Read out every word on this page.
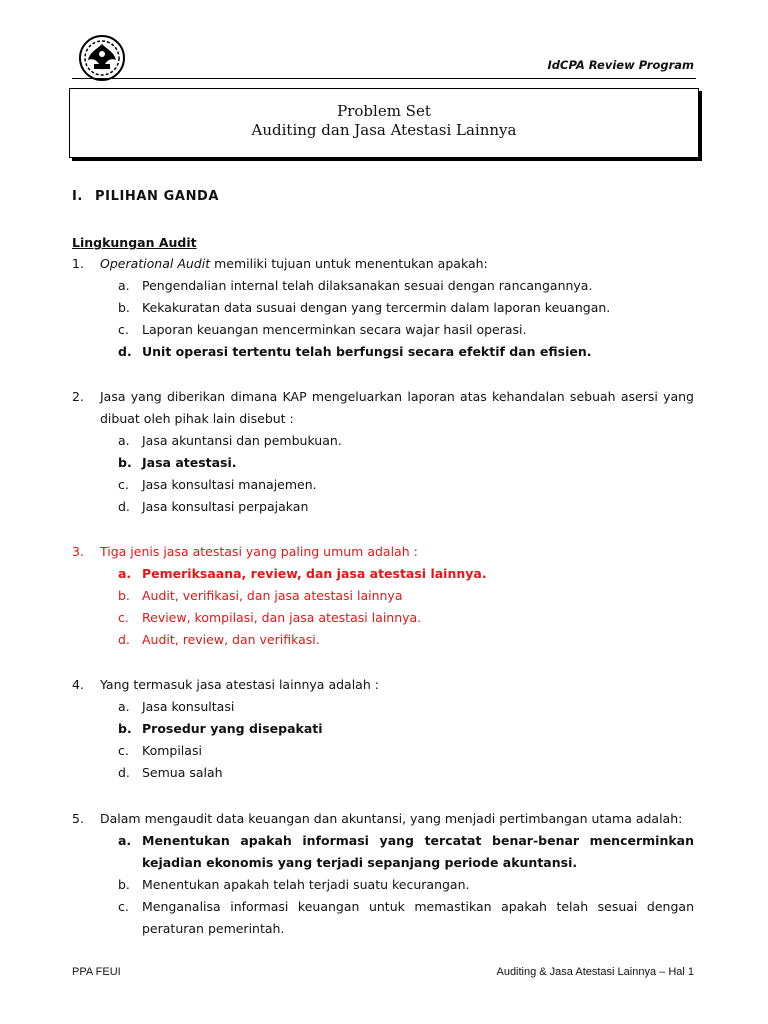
IdCPA Review Program
Problem Set
Auditing dan Jasa Atestasi Lainnya
I. PILIHAN GANDA
Lingkungan Audit
1. Operational Audit memiliki tujuan untuk menentukan apakah:
a. Pengendalian internal telah dilaksanakan sesuai dengan rancangannya.
b. Kekakuratan data susuai dengan yang tercermin dalam laporan keuangan.
c. Laporan keuangan mencerminkan secara wajar hasil operasi.
d. Unit operasi tertentu telah berfungsi secara efektif dan efisien.
2. Jasa yang diberikan dimana KAP mengeluarkan laporan atas kehandalan sebuah asersi yang dibuat oleh pihak lain disebut :
a. Jasa akuntansi dan pembukuan.
b. Jasa atestasi.
c. Jasa konsultasi manajemen.
d. Jasa konsultasi perpajakan
3. Tiga jenis jasa atestasi yang paling umum adalah :
a. Pemeriksaana, review, dan jasa atestasi lainnya.
b. Audit, verifikasi, dan jasa atestasi lainnya
c. Review, kompilasi, dan jasa atestasi lainnya.
d. Audit, review, dan verifikasi.
4. Yang termasuk jasa atestasi lainnya adalah :
a. Jasa konsultasi
b. Prosedur yang disepakati
c. Kompilasi
d. Semua salah
5. Dalam mengaudit data keuangan dan akuntansi, yang menjadi pertimbangan utama adalah:
a. Menentukan apakah informasi yang tercatat benar-benar mencerminkan kejadian ekonomis yang terjadi sepanjang periode akuntansi.
b. Menentukan apakah telah terjadi suatu kecurangan.
c. Menganalisa informasi keuangan untuk memastikan apakah telah sesuai dengan peraturan pemerintah.
PPA FEUI	Auditing & Jasa Atestasi Lainnya – Hal 1
